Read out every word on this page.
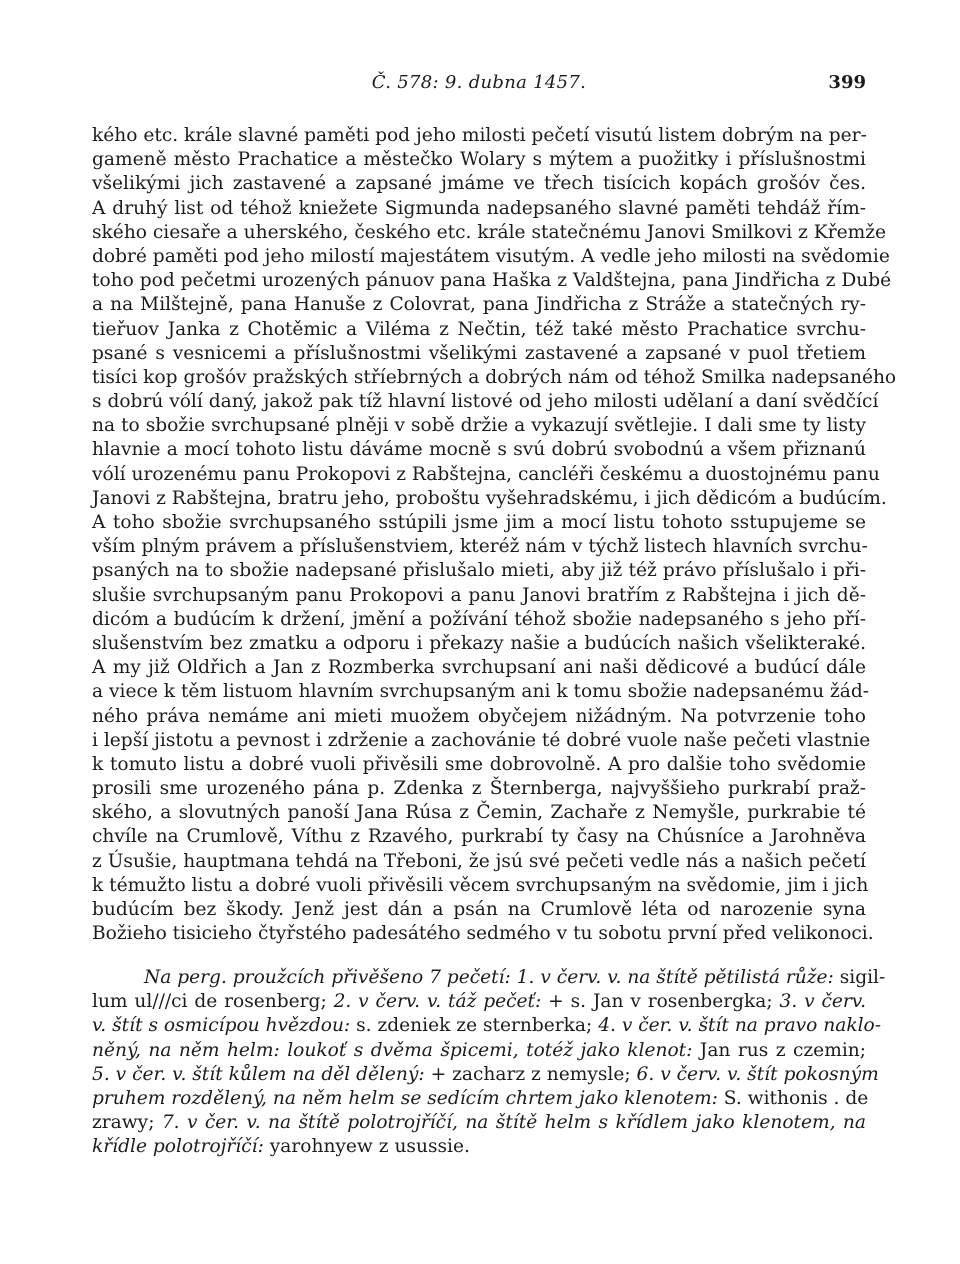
Č. 578: 9. dubna 1457.	399
kého etc. krále slavné paměti pod jeho milosti pečetí visutú listem dobrým na per-
gameně město Prachatice a městečko Wolary s mýtem a puožitky i příslušnostmi
všelikými jich zastavené a zapsané jmáme ve třech tisícich kopách grošóv čes.
A druhý list od téhož kniežete Sigmunda nadepsaného slavné paměti tehdáž řím-
ského ciesaře a uherského, českého etc. krále statečnému Janovi Smilkovi z Křemže
dobré paměti pod jeho milostí majestátem visutým. A vedle jeho milosti na svědomie
toho pod pečetmi urozených pánuov pana Haška z Valdštejna, pana Jindřicha z Dubé
a na Milštejně, pana Hanuše z Colovrat, pana Jindřicha z Stráže a statečných ry-
tieřuov Janka z Chotěmic a Viléma z Nečtin, též také město Prachatice svrchu-
psané s vesnicemi a příslušnostmi všelikými zastavené a zapsané v puol třetiem
tisíci kop grošóv pražských stříebrných a dobrých nám od téhož Smilka nadepsaného
s dobrú vólí daný, jakož pak tíž hlavní listové od jeho milosti udělaní a daní svědčící
na to sbožie svrchupsané plněji v sobě držie a vykazují světlejie. I dali sme ty listy
hlavnie a mocí tohoto listu dáváme mocně s svú dobrú svobodnú a všem přiznanú
vólí urozenému panu Prokopovi z Rabštejna, cancléři českému a duostojnému panu
Janovi z Rabštejna, bratru jeho, proboštu vyšehradskému, i jich dědicóm a budúcím.
A toho sbožie svrchupsaného sstúpili jsme jim a mocí listu tohoto sstupujeme se
vším plným právem a příslušenstviem, kteréž nám v týchž listech hlavních svrchu-
psaných na to sbožie nadepsané přislušalo mieti, aby již též právo příslušalo i při-
slušie svrchupsaným panu Prokopovi a panu Janovi bratřím z Rabštejna i jich dě-
dicóm a budúcím k držení, jmění a požívání téhož sbožie nadepsaného s jeho pří-
slušenstvím bez zmatku a odporu i překazy našie a budúcích našich všelikteraké.
A my již Oldřich a Jan z Rozmberka svrchupsaní ani naši dědicové a budúcí dále
a viece k těm listuom hlavním svrchupsaným ani k tomu sbožie nadepsanému žád-
ného práva nemáme ani mieti muožem obyčejem nižádným. Na potvrzenie toho
i lepší jistotu a pevnost i zdrženie a zachovánie té dobré vuole naše pečeti vlastnie
k tomuto listu a dobré vuoli přivěsili sme dobrovolně. A pro dalšie toho svědomie
prosili sme urozeného pána p. Zdenka z Šternberga, najvyššieho purkrabí praž-
ského, a slovutných panoší Jana Rúsa z Čemin, Zachaře z Nemyšle, purkrabie té
chvíle na Crumlově, Víthu z Rzavého, purkrabí ty časy na Chúsníce a Jarohněva
z Úsušie, hauptmana tehdá na Třeboni, že jsú své pečeti vedle nás a našich pečetí
k témužto listu a dobré vuoli přivěsili věcem svrchupsaným na svědomie, jim i jich
budúcím bez škody. Jenž jest dán a psán na Crumlově léta od narozenie syna
Božieho tisicieho čtyřstého padesátého sedmého v tu sobotu první před velikonoci.
Na perg. proužcích přivěšeno 7 pečetí: 1. v červ. v. na štítě pětilistá růže: sigil-
lum ul///ci de rosenberg; 2. v červ. v. táž pečeť: + s. Jan v rosenbergka; 3. v červ.
v. štít s osmicípou hvězdou: s. zdeniek ze sternberka; 4. v čer. v. štít na pravo naklo-
něný, na něm helm: loukoť s dvěma špicemi, totéž jako klenot: Jan rus z czemin;
5. v čer. v. štít kůlem na děl dělený: + zacharz z nemysle; 6. v červ. v. štít pokosným
pruhem rozdělený, na něm helm se sedícím chrtem jako klenotem: S. withonis . de
zrawy; 7. v čer. v. na štítě polotrojříčí, na štítě helm s křídlem jako klenotem, na
křídle polotrojříčí: yarohnyew z usussie.
